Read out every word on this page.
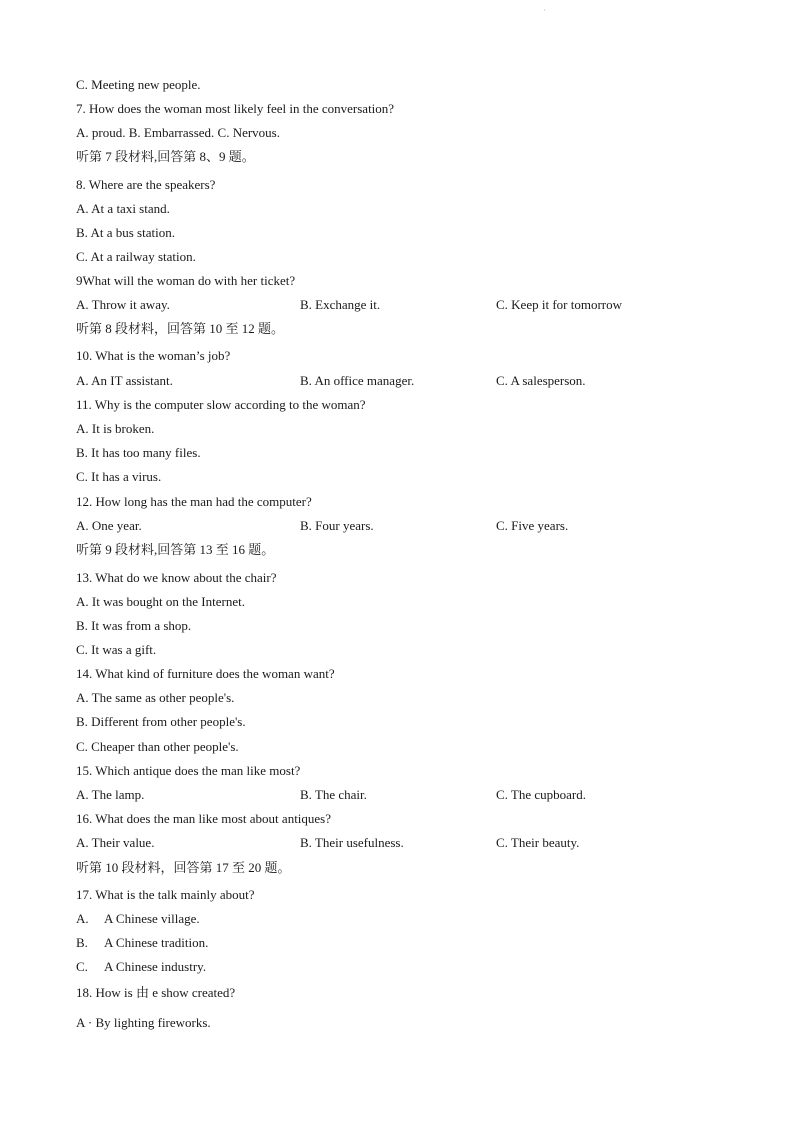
·
C. Meeting new people.
7. How does the woman most likely feel in the conversation?
A. proud. B. Embarrassed. C. Nervous.
听第 7 段材料,回答第 8、9 题。
8. Where are the speakers?
A. At a taxi stand.
B. At a bus station.
C. At a railway station.
9What will the woman do with her ticket?
A. Throw it away.	B. Exchange it.	C. Keep it for tomorrow
听第 8 段材料，回答第 10 至 12 题。
10. What is the woman’s job?
A. An IT assistant.	B. An office manager.	C. A salesperson.
11. Why is the computer slow according to the woman?
A. It is broken.
B. It has too many files.
C. It has a virus.
12. How long has the man had the computer?
A. One year.	B. Four years.	C. Five years.
听第 9 段材料,回答第 13 至 16 题。
13. What do we know about the chair?
A. It was bought on the Internet.
B. It was from a shop.
C. It was a gift.
14. What kind of furniture does the woman want?
A. The same as other people's.
B. Different from other people's.
C. Cheaper than other people's.
15. Which antique does the man like most?
A. The lamp.	B. The chair.	C. The cupboard.
16. What does the man like most about antiques?
A. Their value.	B. Their usefulness.	C. Their beauty.
听第 10 段材料，回答第 17 至 20 题。
17. What is the talk mainly about?
A. A Chinese village.
B. A Chinese tradition.
C. A Chinese industry.
18. How is 由 e show created?
A · By lighting fireworks.
